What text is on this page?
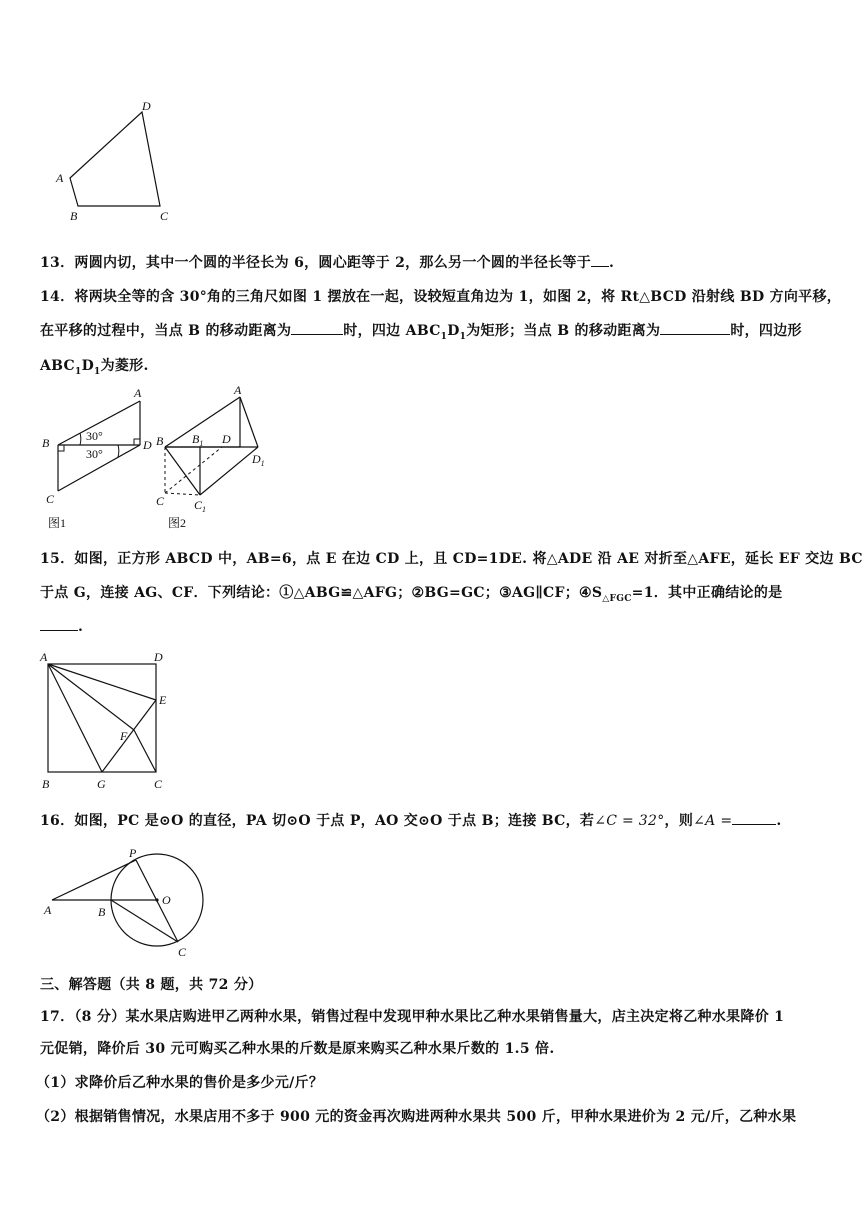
A
B	C
D
13．两圆内切，其中一个圆的半径长为 6，圆心距等于 2，那么另一个圆的半径长等于 .
14．将两块全等的含 30°角的三角尺如图 1 摆放在一起，设较短直角边为 1，如图 2，将 Rt△BCD 沿射线 BD 方向平移，
在平移的过程中，当点 B 的移动距离为	时，四边 $ABC_1D_1$为矩形；当点 B 的移动距离为	时，四边形
$ABC_1D_1$为菱形.
30°
30°
A
B	D
C
图1
A
B $B_1$ D
$D_1$
C $C_1$
图2
15．如图，正方形 ABCD 中，AB=6，点 E 在边 CD 上，且 CD=1DE. 将△ADE 沿 AE 对折至△AFE，延长 EF 交边 BC
于点 G，连接 AG、CF．下列结论：①△ABG≌△AFG；②BG=GC；③AG∥CF；$④S_{\triangle FGC}=1$．其中正确结论的是
.
A	D
E
F
B	G	C
16．如图，PC 是⊙O 的直径，PA 切⊙O 于点 P，AO 交⊙O 于点 B；连接 BC，若∠C = 32°，则∠A =	.
P
A	B
O
C
三、解答题（共 8 题，共 72 分）
17．（8 分）某水果店购进甲乙两种水果，销售过程中发现甲种水果比乙种水果销售量大，店主决定将乙种水果降价 1
元促销，降价后 30 元可购买乙种水果的斤数是原来购买乙种水果斤数的 1.5 倍.
（1）求降价后乙种水果的售价是多少元/斤？
（2）根据销售情况，水果店用不多于 900 元的资金再次购进两种水果共 500 斤，甲种水果进价为 2 元/斤，乙种水果
